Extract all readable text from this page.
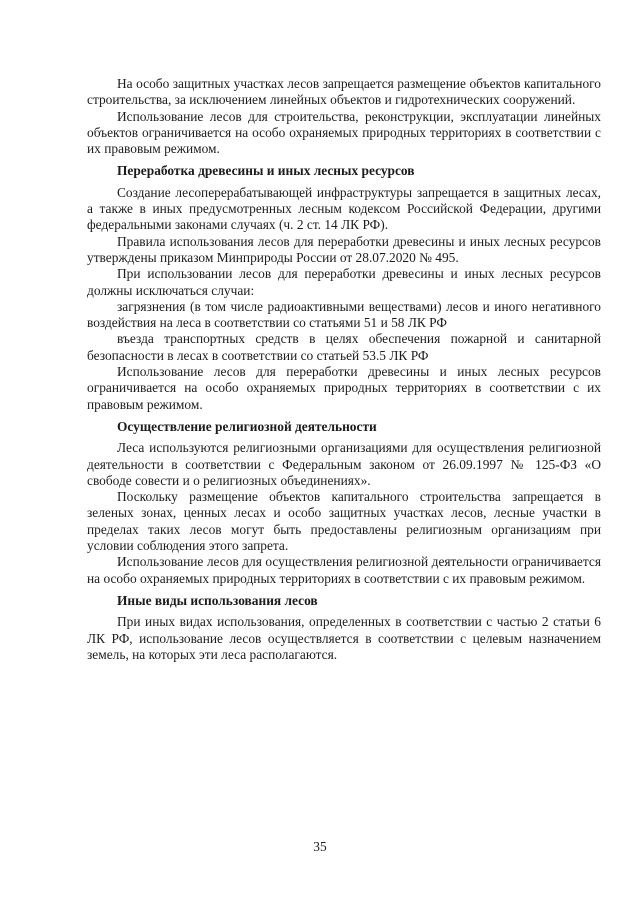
На особо защитных участках лесов запрещается размещение объектов капитального строительства, за исключением линейных объектов и гидротехнических сооружений.

Использование лесов для строительства, реконструкции, эксплуатации линейных объектов ограничивается на особо охраняемых природных территориях в соответствии с их правовым режимом.

Переработка древесины и иных лесных ресурсов

Создание лесоперерабатывающей инфраструктуры запрещается в защитных лесах, а также в иных предусмотренных лесным кодексом Российской Федерации, другими федеральными законами случаях (ч. 2 ст. 14 ЛК РФ).

Правила использования лесов для переработки древесины и иных лесных ресурсов утверждены приказом Минприроды России от 28.07.2020 № 495.

При использовании лесов для переработки древесины и иных лесных ресурсов должны исключаться случаи:

загрязнения (в том числе радиоактивными веществами) лесов и иного негативного воздействия на леса в соответствии со статьями 51 и 58 ЛК РФ

въезда транспортных средств в целях обеспечения пожарной и санитарной безопасности в лесах в соответствии со статьей 53.5 ЛК РФ

Использование лесов для переработки древесины и иных лесных ресурсов ограничивается на особо охраняемых природных территориях в соответствии с их правовым режимом.

Осуществление религиозной деятельности

Леса используются религиозными организациями для осуществления религиозной деятельности в соответствии с Федеральным законом от 26.09.1997 № 125-ФЗ «О свободе совести и о религиозных объединениях».

Поскольку размещение объектов капитального строительства запрещается в зеленых зонах, ценных лесах и особо защитных участках лесов, лесные участки в пределах таких лесов могут быть предоставлены религиозным организациям при условии соблюдения этого запрета.

Использование лесов для осуществления религиозной деятельности ограничивается на особо охраняемых природных территориях в соответствии с их правовым режимом.

Иные виды использования лесов

При иных видах использования, определенных в соответствии с частью 2 статьи 6 ЛК РФ, использование лесов осуществляется в соответствии с целевым назначением земель, на которых эти леса располагаются.

35
